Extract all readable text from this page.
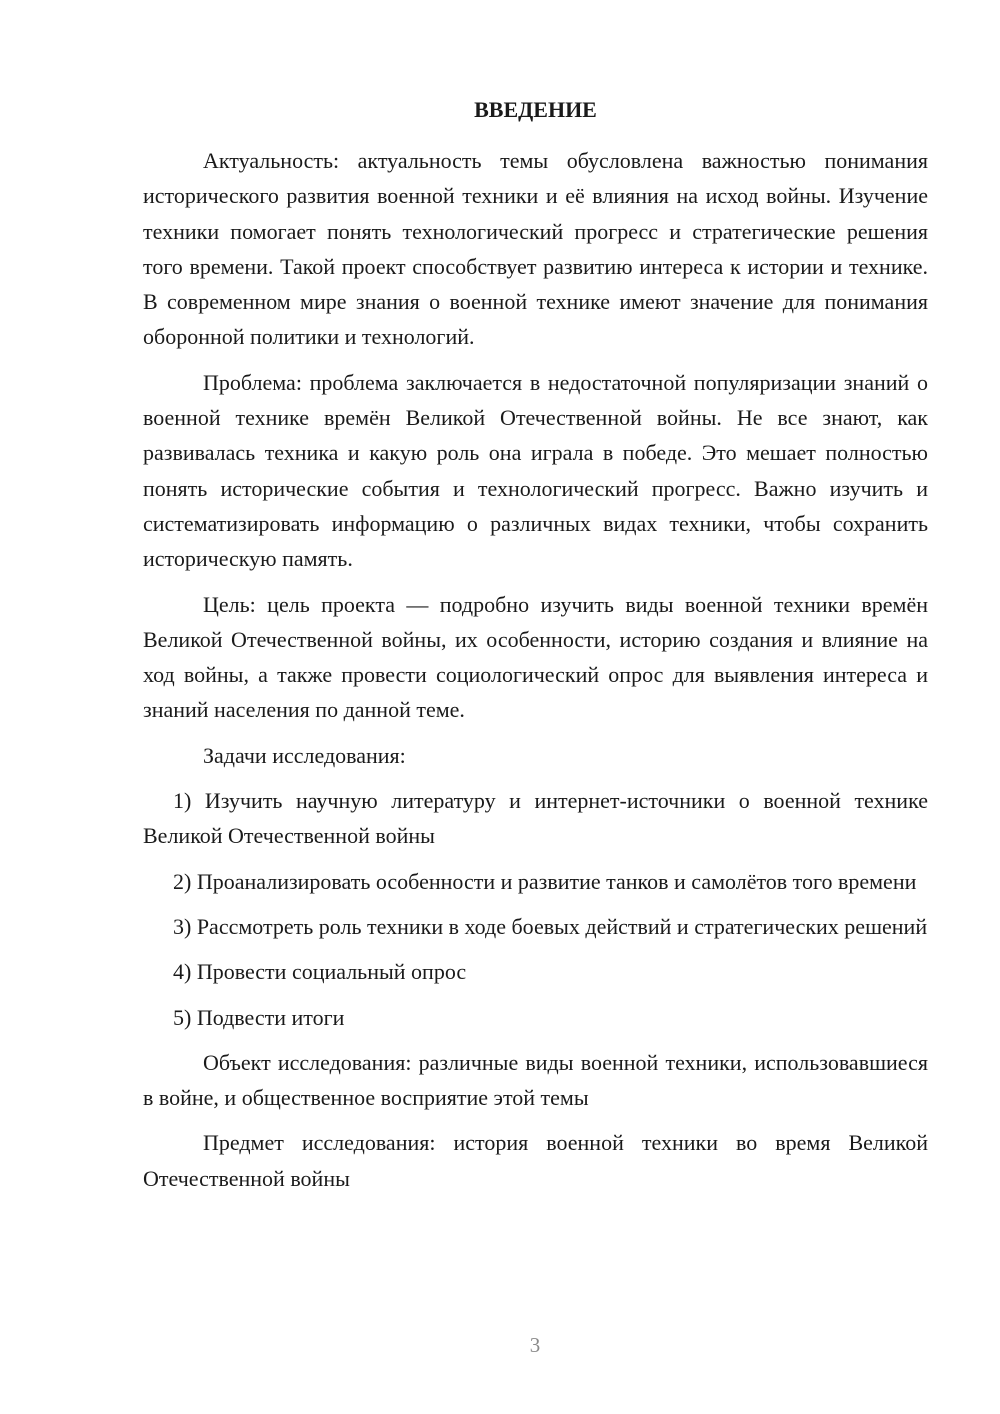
ВВЕДЕНИЕ

Актуальность: актуальность темы обусловлена важностью понимания исторического развития военной техники и её влияния на исход войны. Изучение техники помогает понять технологический прогресс и стратегические решения того времени. Такой проект способствует развитию интереса к истории и технике. В современном мире знания о военной технике имеют значение для понимания оборонной политики и технологий.

Проблема: проблема заключается в недостаточной популяризации знаний о военной технике времён Великой Отечественной войны. Не все знают, как развивалась техника и какую роль она играла в победе. Это мешает полностью понять исторические события и технологический прогресс. Важно изучить и систематизировать информацию о различных видах техники, чтобы сохранить историческую память.

Цель: цель проекта — подробно изучить виды военной техники времён Великой Отечественной войны, их особенности, историю создания и влияние на ход войны, а также провести социологический опрос для выявления интереса и знаний населения по данной теме.

Задачи исследования:

1) Изучить научную литературу и интернет-источники о военной технике Великой Отечественной войны

2) Проанализировать особенности и развитие танков и самолётов того времени

3) Рассмотреть роль техники в ходе боевых действий и стратегических решений

4) Провести социальный опрос

5) Подвести итоги

Объект исследования: различные виды военной техники, использовавшиеся в войне, и общественное восприятие этой темы

Предмет исследования: история военной техники во время Великой Отечественной войны

3
